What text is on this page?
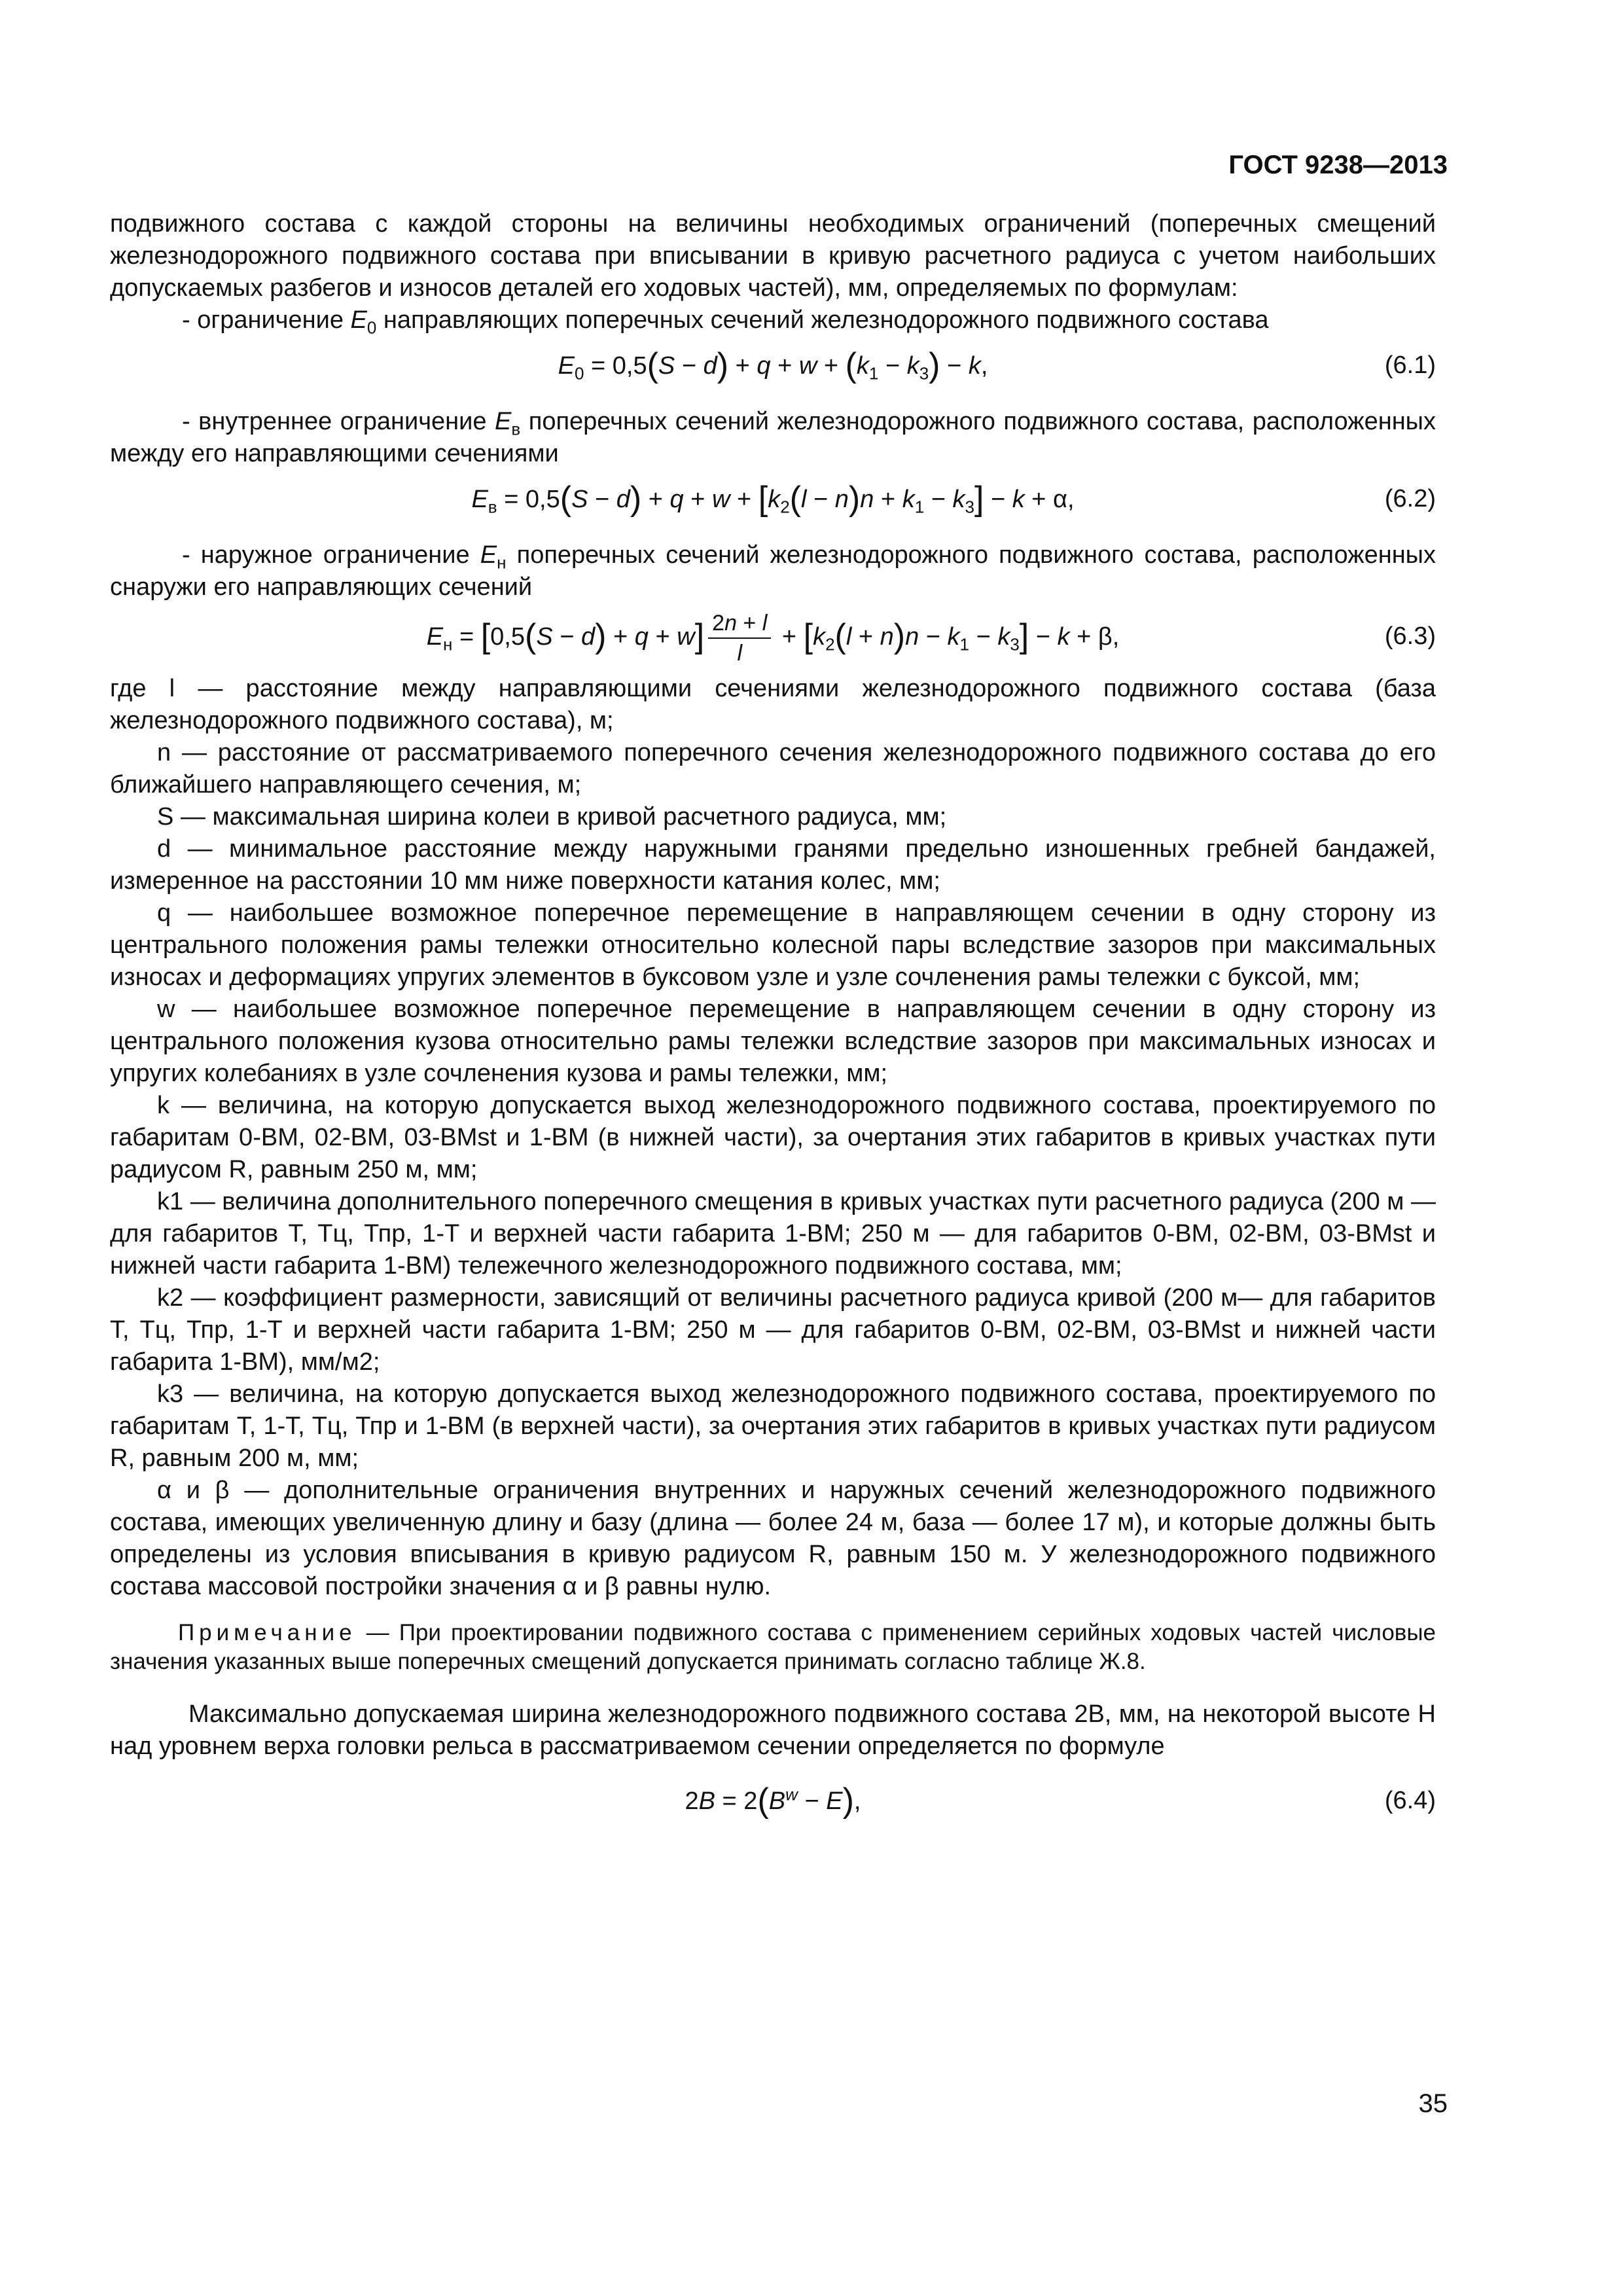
ГОСТ 9238—2013

подвижного состава с каждой стороны на величины необходимых ограничений (поперечных смещений железнодорожного подвижного состава при вписывании в кривую расчетного радиуса с учетом наибольших допускаемых разбегов и износов деталей его ходовых частей), мм, определяемых по формулам:

- ограничение $E_0$ направляющих поперечных сечений железнодорожного подвижного состава

$E_0 = 0,5(S - d) + q + w + (k_1 - k_3) - k$,	(6.1)

- внутреннее ограничение $E_в$ поперечных сечений железнодорожного подвижного состава, расположенных между его направляющими сечениями

$E_в = 0,5(S - d) + q + w + [k_2(l - n)n + k_1 - k_3] - k + \alpha$,	(6.2)

- наружное ограничение $E_н$ поперечных сечений железнодорожного подвижного состава, расположенных снаружи его направляющих сечений

$E_н = [0,5(S - d) + q + w] \frac{2n + l}{l} + [k_2(l + n)n - k_1 - k_3] - k + \beta$,	(6.3)

где l — расстояние между направляющими сечениями железнодорожного подвижного состава (база железнодорожного подвижного состава), м;

n — расстояние от рассматриваемого поперечного сечения железнодорожного подвижного состава до его ближайшего направляющего сечения, м;

S — максимальная ширина колеи в кривой расчетного радиуса, мм;

d — минимальное расстояние между наружными гранями предельно изношенных гребней бандажей, измеренное на расстоянии 10 мм ниже поверхности катания колес, мм;

q — наибольшее возможное поперечное перемещение в направляющем сечении в одну сторону из центрального положения рамы тележки относительно колесной пары вследствие зазоров при максимальных износах и деформациях упругих элементов в буксовом узле и узле сочленения рамы тележки с буксой, мм;

w — наибольшее возможное поперечное перемещение в направляющем сечении в одну сторону из центрального положения кузова относительно рамы тележки вследствие зазоров при максимальных износах и упругих колебаниях в узле сочленения кузова и рамы тележки, мм;

k — величина, на которую допускается выход железнодорожного подвижного состава, проектируемого по габаритам 0-ВМ, 02-ВМ, 03-ВМst и 1-ВМ (в нижней части), за очертания этих габаритов в кривых участках пути радиусом R, равным 250 м, мм;

k1 — величина дополнительного поперечного смещения в кривых участках пути расчетного радиуса (200 м — для габаритов Т, Тц, Тпр, 1-Т и верхней части габарита 1-ВМ; 250 м — для габаритов 0-ВМ, 02-ВМ, 03-ВМst и нижней части габарита 1-ВМ) тележечного железнодорожного подвижного состава, мм;

k2 — коэффициент размерности, зависящий от величины расчетного радиуса кривой (200 м— для габаритов Т, Тц, Тпр, 1-Т и верхней части габарита 1-ВМ; 250 м — для габаритов 0-ВМ, 02-ВМ, 03-ВМst и нижней части габарита 1-ВМ), мм/м2;

k3 — величина, на которую допускается выход железнодорожного подвижного состава, проектируемого по габаритам Т, 1-Т, Тц, Тпр и 1-ВМ (в верхней части), за очертания этих габаритов в кривых участках пути радиусом R, равным 200 м, мм;

α и β — дополнительные ограничения внутренних и наружных сечений железнодорожного подвижного состава, имеющих увеличенную длину и базу (длина — более 24 м, база — более 17 м), и которые должны быть определены из условия вписывания в кривую радиусом R, равным 150 м. У железнодорожного подвижного состава массовой постройки значения α и β равны нулю.

Примечание — При проектировании подвижного состава с применением серийных ходовых частей числовые значения указанных выше поперечных смещений допускается принимать согласно таблице Ж.8.

Максимально допускаемая ширина железнодорожного подвижного состава 2В, мм, на некоторой высоте Н над уровнем верха головки рельса в рассматриваемом сечении определяется по формуле

$2B = 2(B^w - E)$,	(6.4)
35
